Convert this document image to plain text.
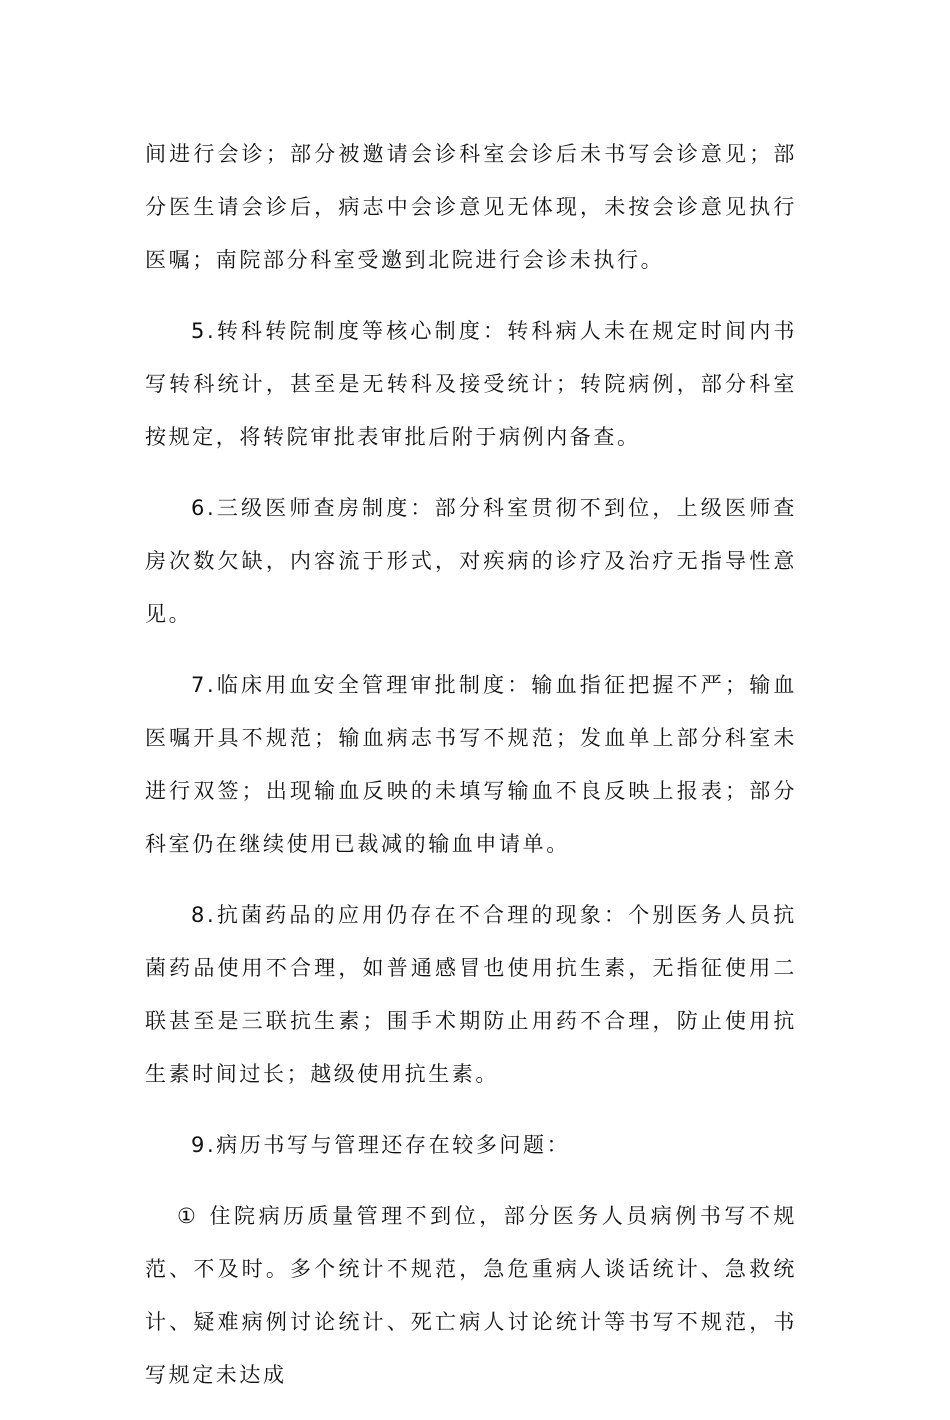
间进行会诊；部分被邀请会诊科室会诊后未书写会诊意见；部分医生请会诊后，病志中会诊意见无体现，未按会诊意见执行医嘱；南院部分科室受邀到北院进行会诊未执行。

5.转科转院制度等核心制度：转科病人未在规定时间内书写转科统计，甚至是无转科及接受统计；转院病例，部分科室按规定，将转院审批表审批后附于病例内备查。

6.三级医师查房制度：部分科室贯彻不到位，上级医师查房次数欠缺，内容流于形式，对疾病的诊疗及治疗无指导性意见。

7.临床用血安全管理审批制度：输血指征把握不严；输血医嘱开具不规范；输血病志书写不规范；发血单上部分科室未进行双签；出现输血反映的未填写输血不良反映上报表；部分科室仍在继续使用已裁减的输血申请单。

8.抗菌药品的应用仍存在不合理的现象：个别医务人员抗菌药品使用不合理，如普通感冒也使用抗生素，无指征使用二联甚至是三联抗生素；围手术期防止用药不合理，防止使用抗生素时间过长；越级使用抗生素。

9.病历书写与管理还存在较多问题：

① 住院病历质量管理不到位，部分医务人员病例书写不规范、不及时。多个统计不规范，急危重病人谈话统计、急救统计、疑难病例讨论统计、死亡病人讨论统计等书写不规范，书写规定未达成
